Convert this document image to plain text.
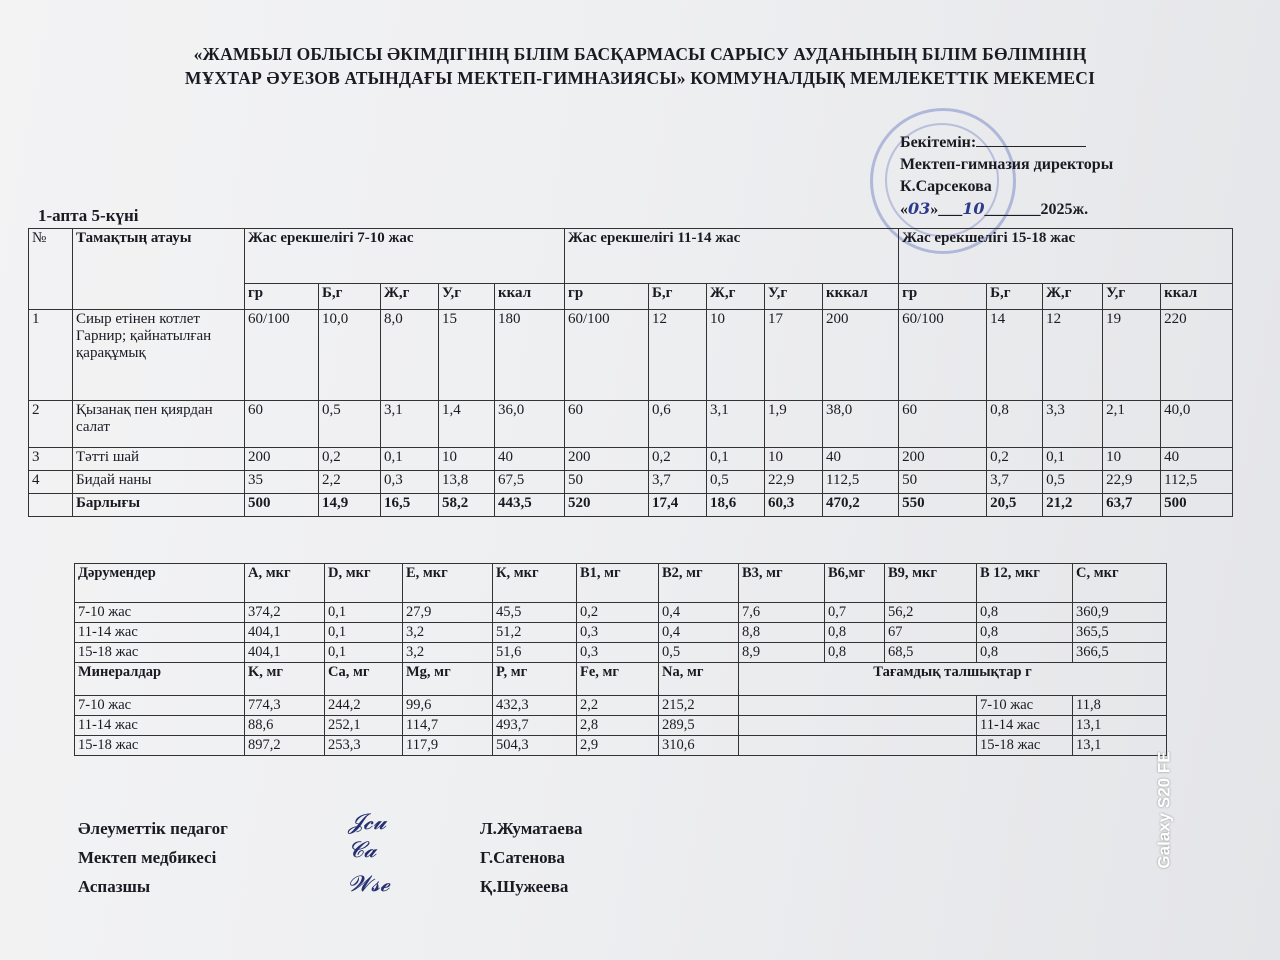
«ЖАМБЫЛ ОБЛЫСЫ ӘКІМДІГІНІҢ БІЛІМ БАСҚАРМАСЫ САРЫСУ АУДАНЫНЫҢ БІЛІМ БӨЛІМІНІҢ
МҰХТАР ӘУЕЗОВ АТЫНДАҒЫ МЕКТЕП-ГИМНАЗИЯСЫ» КОММУНАЛДЫҚ МЕМЛЕКЕТТІК МЕКЕМЕСІ
Бекітемін:
Мектеп-гимназия директоры
К.Сарсекова
«03»___10_______2025ж.
1-апта 5-күні
№	Тамақтың атауы	Жас ерекшелігі 7-10 жас					Жас ерекшелігі 11-14 жас					Жас ерекшелігі 15-18 жас				
		гр	Б,г	Ж,г	У,г	ккал	гр	Б,г	Ж,г	У,г	кккал	гр	Б,г	Ж,г	У,г	ккал
1	Сиыр етінен котлет Гарнир; қайнатылған қарақұмық	60/100	10,0	8,0	15	180	60/100	12	10	17	200	60/100	14	12	19	220
2	Қызанақ пен қиярдан салат	60	0,5	3,1	1,4	36,0	60	0,6	3,1	1,9	38,0	60	0,8	3,3	2,1	40,0
3	Тәтті шай	200	0,2	0,1	10	40	200	0,2	0,1	10	40	200	0,2	0,1	10	40
4	Бидай наны	35	2,2	0,3	13,8	67,5	50	3,7	0,5	22,9	112,5	50	3,7	0,5	22,9	112,5
	Барлығы	500	14,9	16,5	58,2	443,5	520	17,4	18,6	60,3	470,2	550	20,5	21,2	63,7	500
Дәрумендер	A, мкг	D, мкг	E, мкг	К, мкг	B1, мг	B2, мг	B3, мг	B6,мг	B9, мкг	B 12, мкг	C, мкг
7-10 жас	374,2	0,1	27,9	45,5	0,2	0,4	7,6	0,7	56,2	0,8	360,9
11-14 жас	404,1	0,1	3,2	51,2	0,3	0,4	8,8	0,8	67	0,8	365,5
15-18 жас	404,1	0,1	3,2	51,6	0,3	0,5	8,9	0,8	68,5	0,8	366,5
Минералдар	K, мг	Ca, мг	Mg, мг	P, мг	Fe, мг	Na, мг	Тағамдық талшықтар г				
7-10 жас	774,3	244,2	99,6	432,3	2,2	215,2				7-10 жас	11,8
11-14 жас	88,6	252,1	114,7	493,7	2,8	289,5				11-14 жас	13,1
15-18 жас	897,2	253,3	117,9	504,3	2,9	310,6				15-18 жас	13,1
Әлеуметтік педагог
Мектеп медбикесі
Аспазшы
𝓙𝓬𝓾
𝓒𝓪
𝓦𝓼𝓮
Л.Жуматаева
Г.Сатенова
Қ.Шужеева
Galaxy S20 FE
